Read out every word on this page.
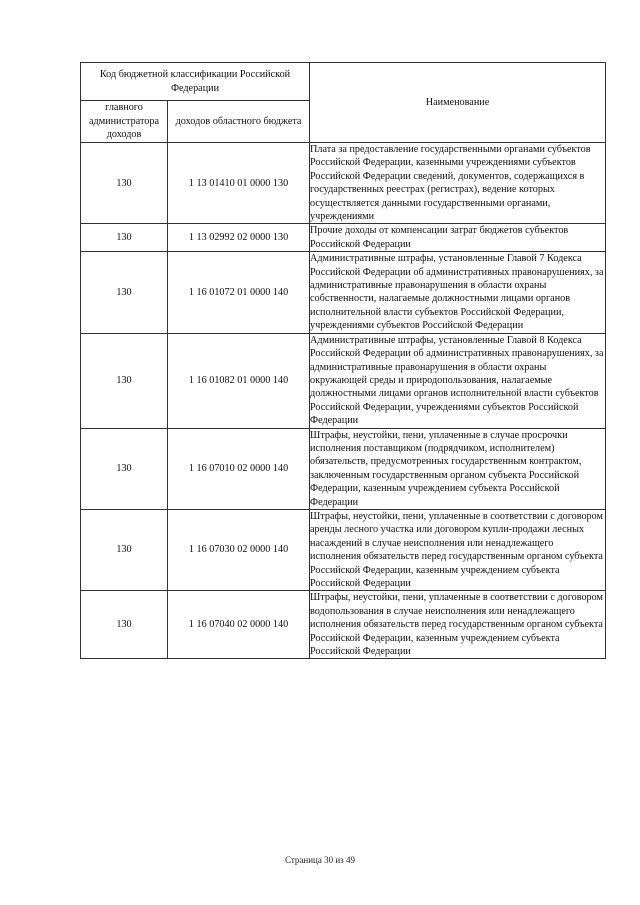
Код бюджетной классификации Российской Федерации		Наименование
главного администратора доходов	доходов областного бюджета	
130	1 13 01410 01 0000 130	Плата за предоставление государственными органами субъектов Российской Федерации, казенными учреждениями субъектов Российской Федерации сведений, документов, содержащихся в государственных реестрах (регистрах), ведение которых осуществляется данными государственными органами, учреждениями
130	1 13 02992 02 0000 130	Прочие доходы от компенсации затрат бюджетов субъектов Российской Федерации
130	1 16 01072 01 0000 140	Административные штрафы, установленные Главой 7 Кодекса Российской Федерации об административных правонарушениях, за административные правонарушения в области охраны собственности, налагаемые должностными лицами органов исполнительной власти субъектов Российской Федерации, учреждениями субъектов Российской Федерации
130	1 16 01082 01 0000 140	Административные штрафы, установленные Главой 8 Кодекса Российской Федерации об административных правонарушениях, за административные правонарушения в области охраны окружающей среды и природопользования, налагаемые должностными лицами органов исполнительной власти субъектов Российской Федерации, учреждениями субъектов Российской Федерации
130	1 16 07010 02 0000 140	Штрафы, неустойки, пени, уплаченные в случае просрочки исполнения поставщиком (подрядчиком, исполнителем) обязательств, предусмотренных государственным контрактом, заключенным государственным органом субъекта Российской Федерации, казенным учреждением субъекта Российской Федерации
130	1 16 07030 02 0000 140	Штрафы, неустойки, пени, уплаченные в соответствии с договором аренды лесного участка или договором купли-продажи лесных насаждений в случае неисполнения или ненадлежащего исполнения обязательств перед государственным органом субъекта Российской Федерации, казенным учреждением субъекта Российской Федерации
130	1 16 07040 02 0000 140	Штрафы, неустойки, пени, уплаченные в соответствии с договором водопользования в случае неисполнения или ненадлежащего исполнения обязательств перед государственным органом субъекта Российской Федерации, казенным учреждением субъекта Российской Федерации
Страница 30 из 49
